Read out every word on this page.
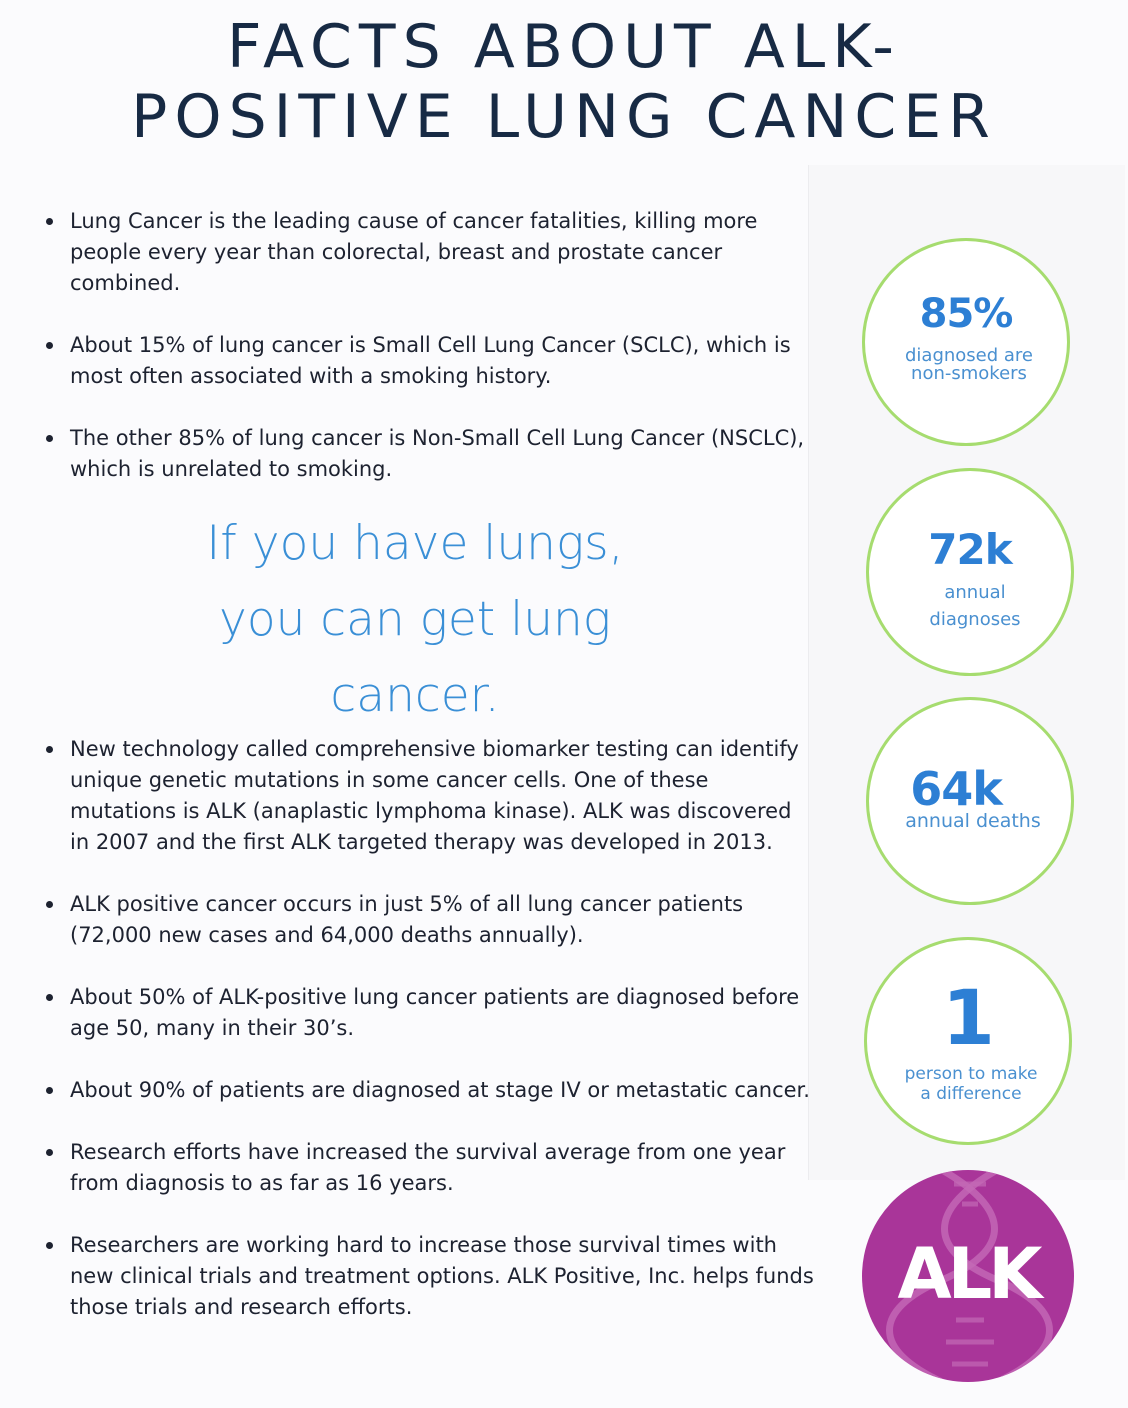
FACTS ABOUT ALK-
POSITIVE LUNG CANCER
Lung Cancer is the leading cause of cancer fatalities, killing more people every year than colorectal, breast and prostate cancer combined.
About 15% of lung cancer is Small Cell Lung Cancer (SCLC), which is most often associated with a smoking history.
The other 85% of lung cancer is Non-Small Cell Lung Cancer (NSCLC), which is unrelated to smoking.

If you have lungs,
you can get lung
cancer.

New technology called comprehensive biomarker testing can identify unique genetic mutations in some cancer cells. One of these mutations is ALK (anaplastic lymphoma kinase). ALK was discovered in 2007 and the first ALK targeted therapy was developed in 2013.
ALK positive cancer occurs in just 5% of all lung cancer patients (72,000 new cases and 64,000 deaths annually).
About 50% of ALK-positive lung cancer patients are diagnosed before age 50, many in their 30’s.
About 90% of patients are diagnosed at stage IV or metastatic cancer.
Research efforts have increased the survival average from one year from diagnosis to as far as 16 years.
Researchers are working hard to increase those survival times with new clinical trials and treatment options. ALK Positive, Inc. helps funds those trials and research efforts.
85%
diagnosed are
non-smokers
72k
annual
diagnoses
64k
annual deaths
1
person to make
a difference
ALK
